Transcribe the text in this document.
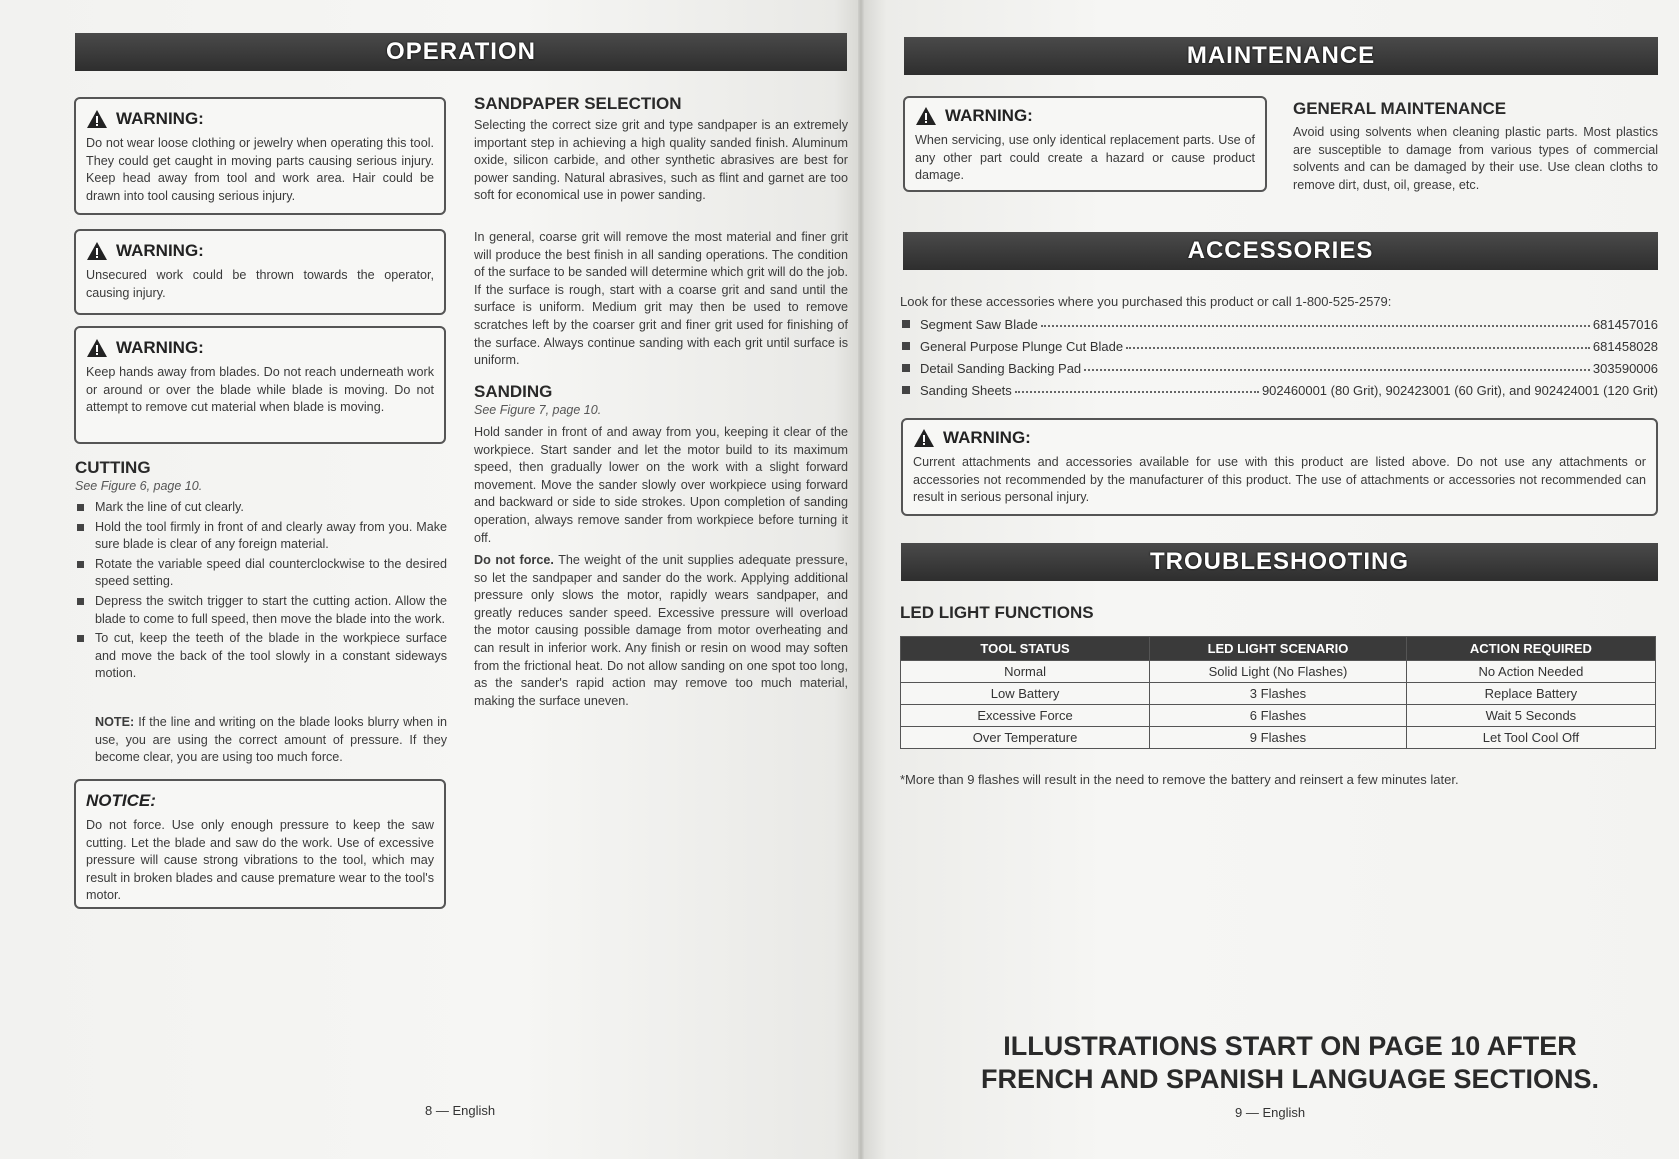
OPERATION
WARNING:
Do not wear loose clothing or jewelry when operating this tool. They could get caught in moving parts causing serious injury. Keep head away from tool and work area. Hair could be drawn into tool causing serious injury.
WARNING:
Unsecured work could be thrown towards the operator, causing injury.
WARNING:
Keep hands away from blades. Do not reach underneath work or around or over the blade while blade is moving. Do not attempt to remove cut material when blade is moving.
CUTTING
See Figure 6, page 10.
Mark the line of cut clearly.
Hold the tool firmly in front of and clearly away from you. Make sure blade is clear of any foreign material.
Rotate the variable speed dial counterclockwise to the desired speed setting.
Depress the switch trigger to start the cutting action. Allow the blade to come to full speed, then move the blade into the work.
To cut, keep the teeth of the blade in the workpiece surface and move the back of the tool slowly in a constant sideways motion.
NOTE: If the line and writing on the blade looks blurry when in use, you are using the correct amount of pressure. If they become clear, you are using too much force.
NOTICE:
Do not force. Use only enough pressure to keep the saw cutting. Let the blade and saw do the work. Use of excessive pressure will cause strong vibrations to the tool, which may result in broken blades and cause premature wear to the tool's motor.
SANDPAPER SELECTION
Selecting the correct size grit and type sandpaper is an extremely important step in achieving a high quality sanded finish. Aluminum oxide, silicon carbide, and other synthetic abrasives are best for power sanding. Natural abrasives, such as flint and garnet are too soft for economical use in power sanding.
In general, coarse grit will remove the most material and finer grit will produce the best finish in all sanding operations. The condition of the surface to be sanded will determine which grit will do the job. If the surface is rough, start with a coarse grit and sand until the surface is uniform. Medium grit may then be used to remove scratches left by the coarser grit and finer grit used for finishing of the surface. Always continue sanding with each grit until surface is uniform.
SANDING
See Figure 7, page 10.
Hold sander in front of and away from you, keeping it clear of the workpiece. Start sander and let the motor build to its maximum speed, then gradually lower on the work with a slight forward movement. Move the sander slowly over workpiece using forward and backward or side to side strokes. Upon completion of sanding operation, always remove sander from workpiece before turning it off.
Do not force. The weight of the unit supplies adequate pressure, so let the sandpaper and sander do the work. Applying additional pressure only slows the motor, rapidly wears sandpaper, and greatly reduces sander speed. Excessive pressure will overload the motor causing possible damage from motor overheating and can result in inferior work. Any finish or resin on wood may soften from the frictional heat. Do not allow sanding on one spot too long, as the sander's rapid action may remove too much material, making the surface uneven.
8 — English
MAINTENANCE
WARNING:
When servicing, use only identical replacement parts. Use of any other part could create a hazard or cause product damage.
GENERAL MAINTENANCE
Avoid using solvents when cleaning plastic parts. Most plastics are susceptible to damage from various types of commercial solvents and can be damaged by their use. Use clean cloths to remove dirt, dust, oil, grease, etc.
ACCESSORIES
Look for these accessories where you purchased this product or call 1-800-525-2579:
Segment Saw Blade	681457016
General Purpose Plunge Cut Blade	681458028
Detail Sanding Backing Pad	303590006
Sanding Sheets	902460001 (80 Grit), 902423001 (60 Grit), and 902424001 (120 Grit)
WARNING:
Current attachments and accessories available for use with this product are listed above. Do not use any attachments or accessories not recommended by the manufacturer of this product. The use of attachments or accessories not recommended can result in serious personal injury.
TROUBLESHOOTING
LED LIGHT FUNCTIONS
TOOL STATUS	LED LIGHT SCENARIO	ACTION REQUIRED
Normal	Solid Light (No Flashes)	No Action Needed
Low Battery	3 Flashes	Replace Battery
Excessive Force	6 Flashes	Wait 5 Seconds
Over Temperature	9 Flashes	Let Tool Cool Off
*More than 9 flashes will result in the need to remove the battery and reinsert a few minutes later.
ILLUSTRATIONS START ON PAGE 10 AFTER
FRENCH AND SPANISH LANGUAGE SECTIONS.
9 — English
